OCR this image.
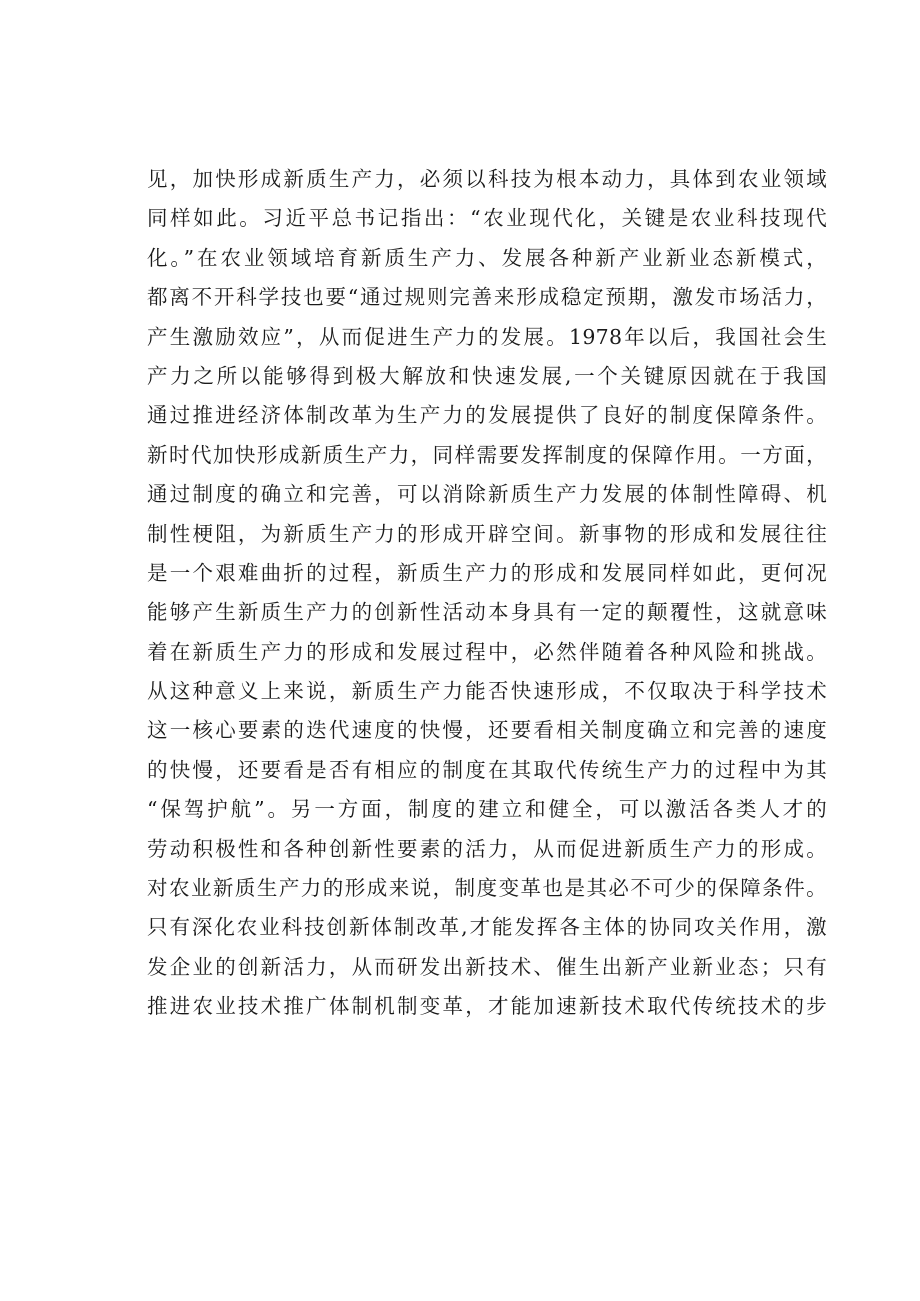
见，加快形成新质生产力，必须以科技为根本动力，具体到农业领域
同样如此。习近平总书记指出：“农业现代化，关键是农业科技现代
化。”在农业领域培育新质生产力、发展各种新产业新业态新模式，
都离不开科学技也要“通过规则完善来形成稳定预期，激发市场活力，
产生激励效应”，从而促进生产力的发展。1978年以后，我国社会生
产力之所以能够得到极大解放和快速发展,一个关键原因就在于我国
通过推进经济体制改革为生产力的发展提供了良好的制度保障条件。
新时代加快形成新质生产力，同样需要发挥制度的保障作用。一方面，
通过制度的确立和完善，可以消除新质生产力发展的体制性障碍、机
制性梗阻，为新质生产力的形成开辟空间。新事物的形成和发展往往
是一个艰难曲折的过程，新质生产力的形成和发展同样如此，更何况
能够产生新质生产力的创新性活动本身具有一定的颠覆性，这就意味
着在新质生产力的形成和发展过程中，必然伴随着各种风险和挑战。
从这种意义上来说，新质生产力能否快速形成，不仅取决于科学技术
这一核心要素的迭代速度的快慢，还要看相关制度确立和完善的速度
的快慢，还要看是否有相应的制度在其取代传统生产力的过程中为其
“保驾护航”。另一方面，制度的建立和健全，可以激活各类人才的
劳动积极性和各种创新性要素的活力，从而促进新质生产力的形成。
对农业新质生产力的形成来说，制度变革也是其必不可少的保障条件。
只有深化农业科技创新体制改革,才能发挥各主体的协同攻关作用，激
发企业的创新活力，从而研发出新技术、催生出新产业新业态；只有
推进农业技术推广体制机制变革，才能加速新技术取代传统技术的步
